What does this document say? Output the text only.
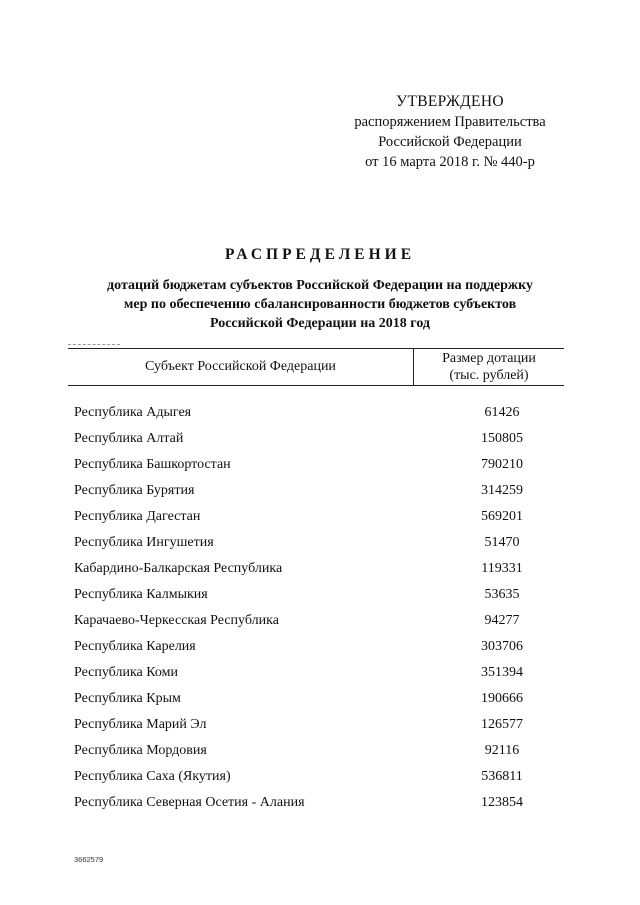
УТВЕРЖДЕНО
распоряжением Правительства
Российской Федерации
от 16 марта 2018 г. № 440-р
РАСПРЕДЕЛЕНИЕ
дотаций бюджетам субъектов Российской Федерации на поддержку
мер по обеспечению сбалансированности бюджетов субъектов
Российской Федерации на 2018 год
Субъект Российской Федерации
Размер дотации
(тыс. рублей)
Республика Адыгея	61426
Республика Алтай	150805
Республика Башкортостан	790210
Республика Бурятия	314259
Республика Дагестан	569201
Республика Ингушетия	51470
Кабардино-Балкарская Республика	119331
Республика Калмыкия	53635
Карачаево-Черкесская Республика	94277
Республика Карелия	303706
Республика Коми	351394
Республика Крым	190666
Республика Марий Эл	126577
Республика Мордовия	92116
Республика Саха (Якутия)	536811
Республика Северная Осетия - Алания	123854
3662579
